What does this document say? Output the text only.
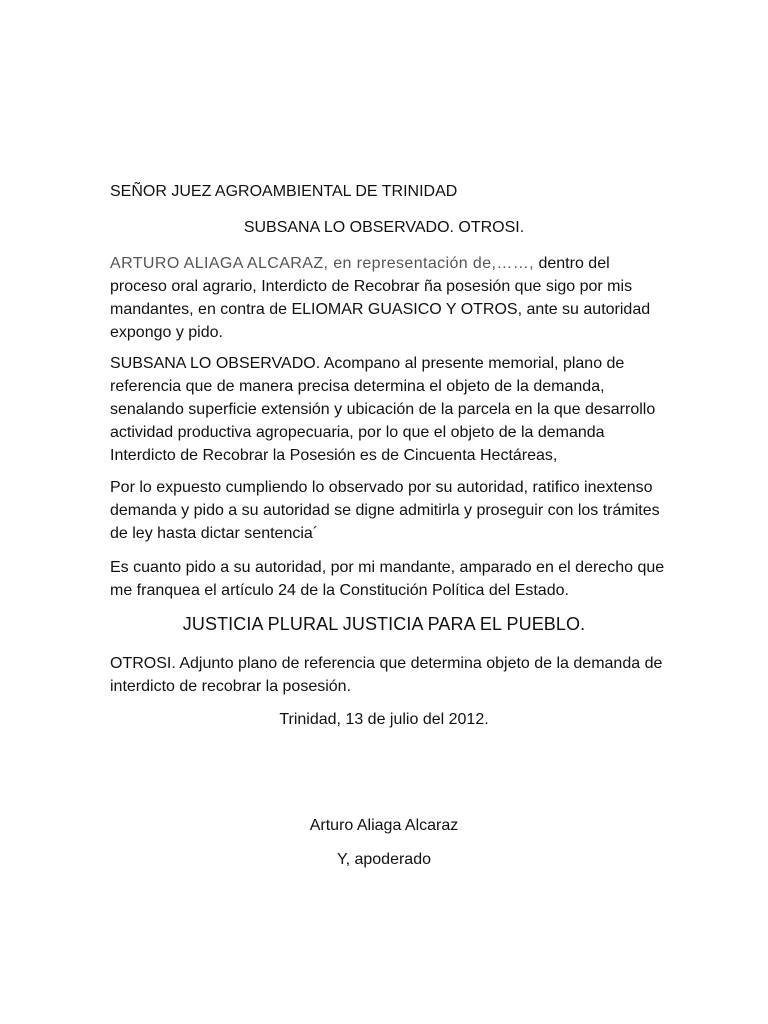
SEÑOR JUEZ AGROAMBIENTAL DE TRINIDAD

SUBSANA LO OBSERVADO. OTROSI.

ARTURO ALIAGA ALCARAZ, en representación de,……, dentro del proceso oral agrario, Interdicto de Recobrar ña posesión que sigo por mis mandantes, en contra de ELIOMAR GUASICO Y OTROS, ante su autoridad expongo y pido.

SUBSANA LO OBSERVADO. Acompano al presente memorial, plano de referencia que de manera precisa determina el objeto de la demanda, senalando superficie extensión y ubicación de la parcela en la que desarrollo actividad productiva agropecuaria, por lo que el objeto de la demanda Interdicto de Recobrar la Posesión es de Cincuenta Hectáreas,

Por lo expuesto cumpliendo lo observado por su autoridad, ratifico inextenso demanda y pido a su autoridad se digne admitirla y proseguir con los trámites de ley hasta dictar sentencia´

Es cuanto pido a su autoridad, por mi mandante, amparado en el derecho que me franquea el artículo 24 de la Constitución Política del Estado.

JUSTICIA PLURAL JUSTICIA PARA EL PUEBLO.

OTROSI. Adjunto plano de referencia que determina objeto de la demanda de interdicto de recobrar la posesión.

Trinidad, 13 de julio del 2012.

Arturo Aliaga Alcaraz

Y, apoderado
